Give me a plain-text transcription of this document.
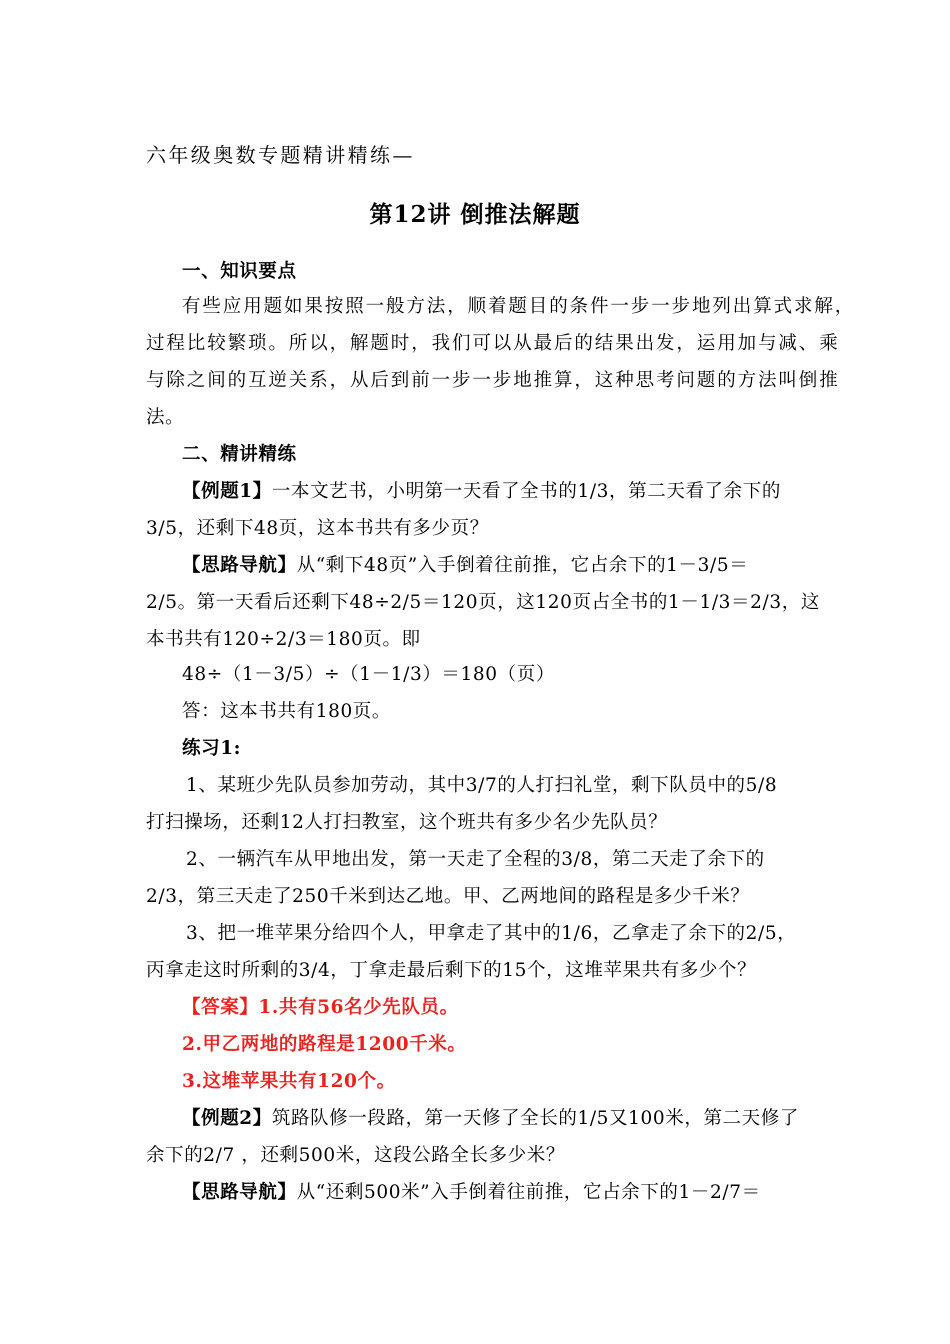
六年级奥数专题精讲精练—
第12讲 倒推法解题
一、知识要点
有些应用题如果按照一般方法，顺着题目的条件一步一步地列出算式求解，
过程比较繁琐。所以，解题时，我们可以从最后的结果出发，运用加与减、乘
与除之间的互逆关系，从后到前一步一步地推算，这种思考问题的方法叫倒推
法。
二、精讲精练
【例题1】一本文艺书，小明第一天看了全书的1/3，第二天看了余下的
3/5，还剩下48页，这本书共有多少页？
【思路导航】从“剩下48页”入手倒着往前推，它占余下的1－3/5＝
2/5。第一天看后还剩下48÷2/5＝120页，这120页占全书的1－1/3＝2/3，这
本书共有120÷2/3＝180页。即
48÷（1－3/5）÷（1－1/3）＝180（页）
答：这本书共有180页。
练习1:
1、某班少先队员参加劳动，其中3/7的人打扫礼堂，剩下队员中的5/8
打扫操场，还剩12人打扫教室，这个班共有多少名少先队员？
2、一辆汽车从甲地出发，第一天走了全程的3/8，第二天走了余下的
2/3，第三天走了250千米到达乙地。甲、乙两地间的路程是多少千米？
3、把一堆苹果分给四个人，甲拿走了其中的1/6，乙拿走了余下的2/5，
丙拿走这时所剩的3/4，丁拿走最后剩下的15个，这堆苹果共有多少个？
【答案】1.共有56名少先队员。
2.甲乙两地的路程是1200千米。
3.这堆苹果共有120个。
【例题2】筑路队修一段路，第一天修了全长的1/5又100米，第二天修了
余下的2/7 ，还剩500米，这段公路全长多少米？
【思路导航】从“还剩500米”入手倒着往前推，它占余下的1－2/7＝
